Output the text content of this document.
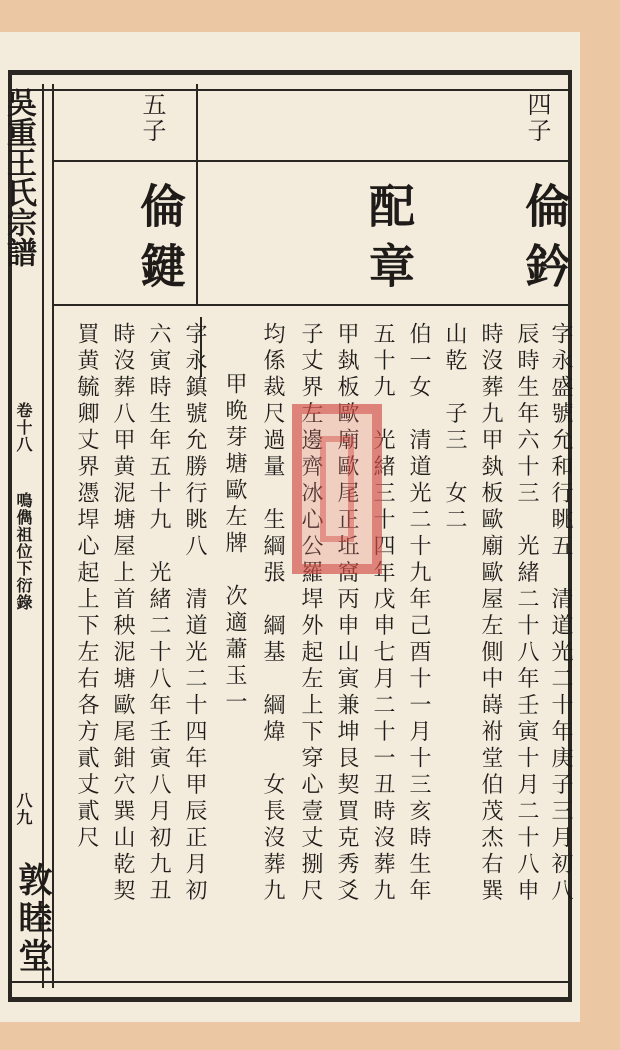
吳重王氏宗譜
卷十八
鳴儁祖位下衍錄
八九
敦睦堂
四子
倫鈐
字永盛號允和行眺五　清道光二十年庚子三月初八
辰時生年六十三　光緒二十八年壬寅十月二十八申
時沒葬九甲埶板歐廟歐屋左側中嵵祔堂伯茂杰右巽
山乾　子三　女二
配章
伯一女　清道光二十九年己酉十一月十三亥時生年
五十九　光緒三十四年戊申七月二十一丑時沒葬九
甲埶板歐廟歐尾正坵窩丙申山寅兼坤艮契買克秀爻
子丈界左邊齊冰心公羅垾外起左上下穿心壹丈捌尺
均係裁尺過量　生綱張　綱基　綱煒　女長沒葬九
甲晩芽塘歐左牌　次適蕭玉一
五子
倫鍵
字永鎮號允勝行眺八　清道光二十四年甲辰正月初
六寅時生年五十九　光緒二十八年壬寅八月初九丑
時沒葬八甲黄泥塘屋上首秧泥塘歐尾鉗穴巽山乾契
買黄毓卿丈界憑垾心起上下左右各方貳丈貳尺
